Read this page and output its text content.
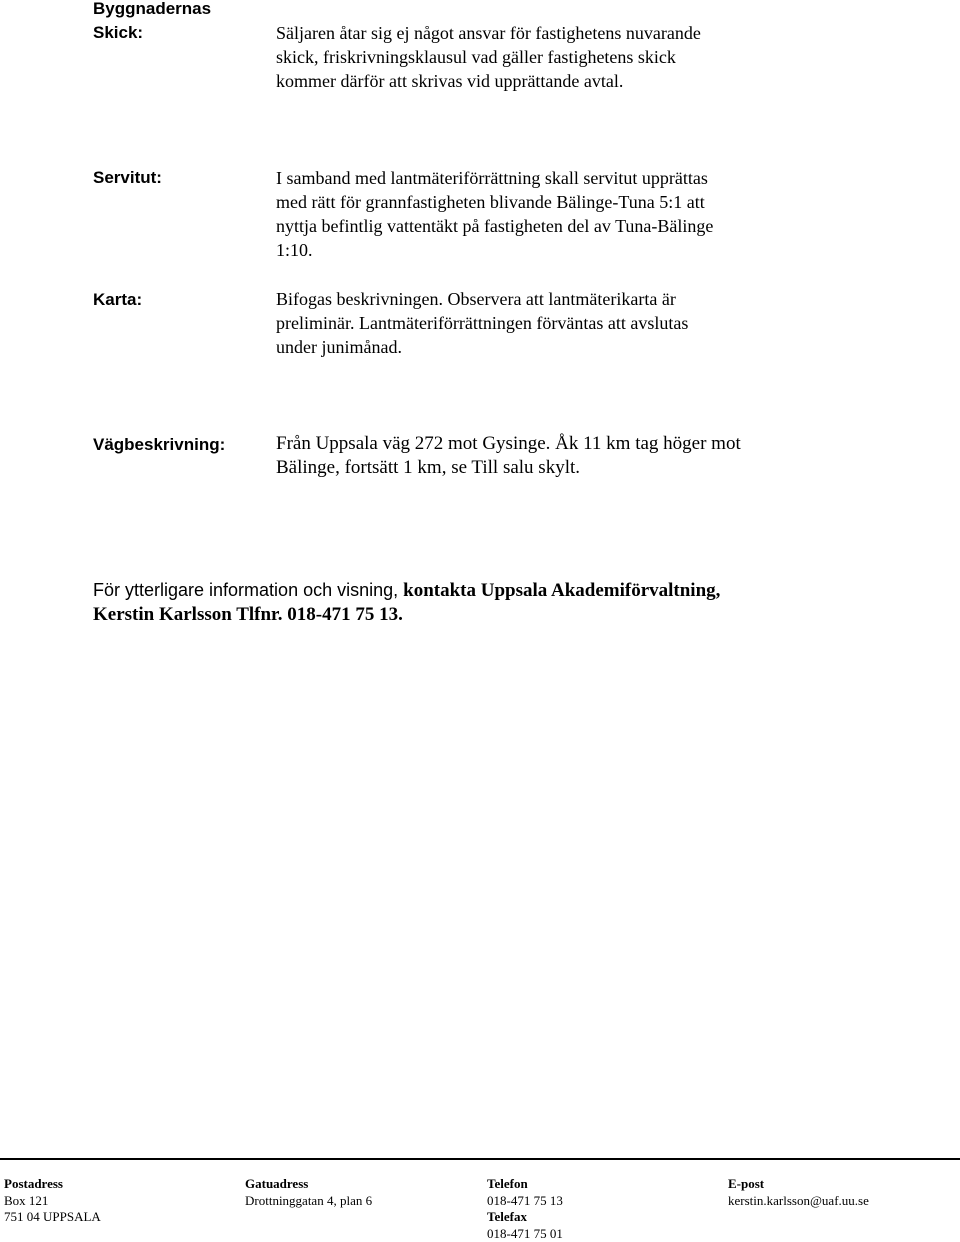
Byggnadernas
Skick:	Säljaren åtar sig ej något ansvar för fastighetens nuvarande
skick, friskrivningsklausul vad gäller fastighetens skick
kommer därför att skrivas vid upprättande avtal.
Servitut:	I samband med lantmäteriförrättning skall servitut upprättas
med rätt för grannfastigheten blivande Bälinge-Tuna 5:1 att
nyttja befintlig vattentäkt på fastigheten del av Tuna-Bälinge
1:10.
Karta:	Bifogas beskrivningen. Observera att lantmäterikarta är
preliminär. Lantmäteriförrättningen förväntas att avslutas
under junimånad.
Vägbeskrivning:	Från Uppsala väg 272 mot Gysinge. Åk 11 km tag höger mot
Bälinge, fortsätt 1 km, se Till salu skylt.
För ytterligare information och visning, kontakta Uppsala Akademiförvaltning,
Kerstin Karlsson Tlfnr. 018-471 75 13.
Postadress
Box 121
751 04 UPPSALA
Gatuadress
Drottninggatan 4, plan 6
Telefon
018-471 75 13
Telefax
018-471 75 01
E-post
kerstin.karlsson@uaf.uu.se
